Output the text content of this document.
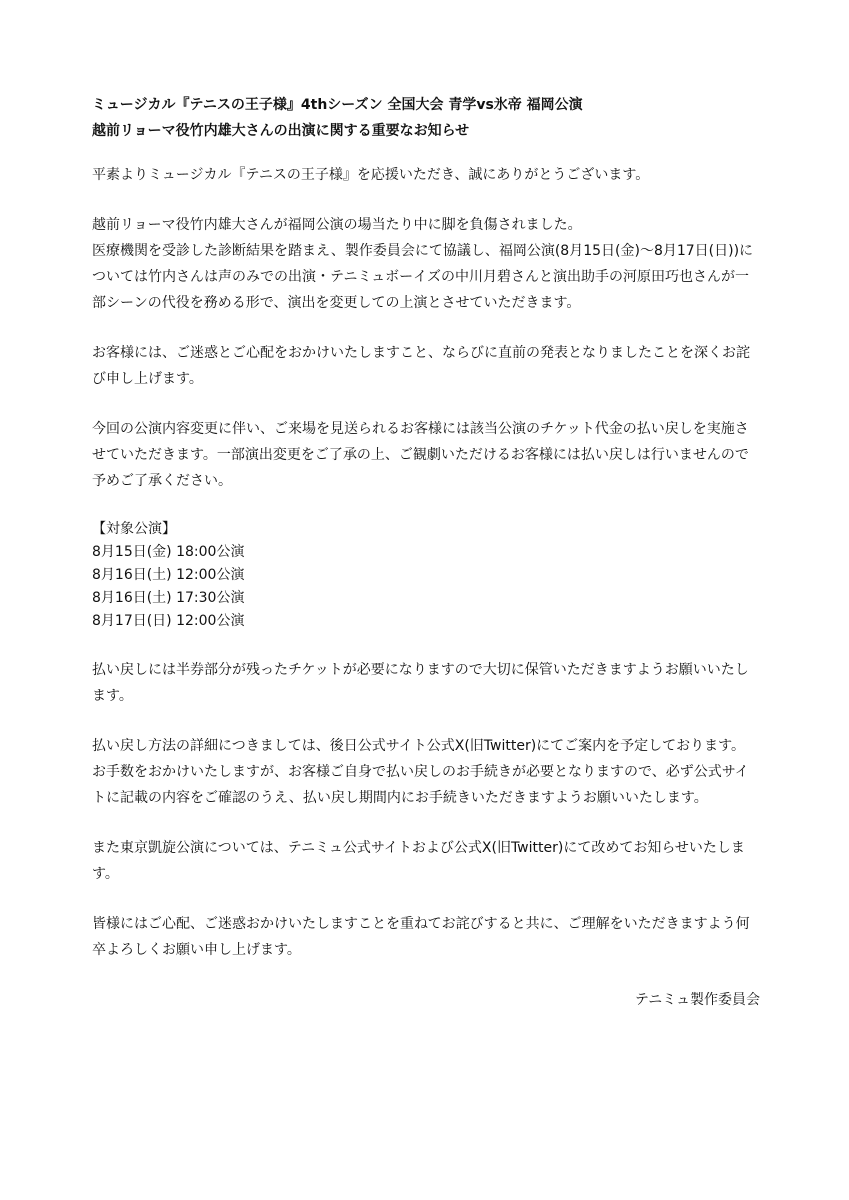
ミュージカル『テニスの王子様』4thシーズン 全国大会 青学vs氷帝 福岡公演
越前リョーマ役竹内雄大さんの出演に関する重要なお知らせ
平素よりミュージカル『テニスの王子様』を応援いただき、誠にありがとうございます。
越前リョーマ役竹内雄大さんが福岡公演の場当たり中に脚を負傷されました。
医療機関を受診した診断結果を踏まえ、製作委員会にて協議し、福岡公演(8月15日(金)～8月17日(日))については竹内さんは声のみでの出演・テニミュボーイズの中川月碧さんと演出助手の河原田巧也さんが一部シーンの代役を務める形で、演出を変更しての上演とさせていただきます。
お客様には、ご迷惑とご心配をおかけいたしますこと、ならびに直前の発表となりましたことを深くお詫び申し上げます。
今回の公演内容変更に伴い、ご来場を見送られるお客様には該当公演のチケット代金の払い戻しを実施させていただきます。一部演出変更をご了承の上、ご観劇いただけるお客様には払い戻しは行いませんので予めご了承ください。
【対象公演】
8月15日(金) 18:00公演
8月16日(土) 12:00公演
8月16日(土) 17:30公演
8月17日(日) 12:00公演
払い戻しには半券部分が残ったチケットが必要になりますので大切に保管いただきますようお願いいたします。
払い戻し方法の詳細につきましては、後日公式サイト公式X(旧Twitter)にてご案内を予定しております。
お手数をおかけいたしますが、お客様ご自身で払い戻しのお手続きが必要となりますので、必ず公式サイトに記載の内容をご確認のうえ、払い戻し期間内にお手続きいただきますようお願いいたします。
また東京凱旋公演については、テニミュ公式サイトおよび公式X(旧Twitter)にて改めてお知らせいたします。
皆様にはご心配、ご迷惑おかけいたしますことを重ねてお詫びすると共に、ご理解をいただきますよう何卒よろしくお願い申し上げます。
テニミュ製作委員会
